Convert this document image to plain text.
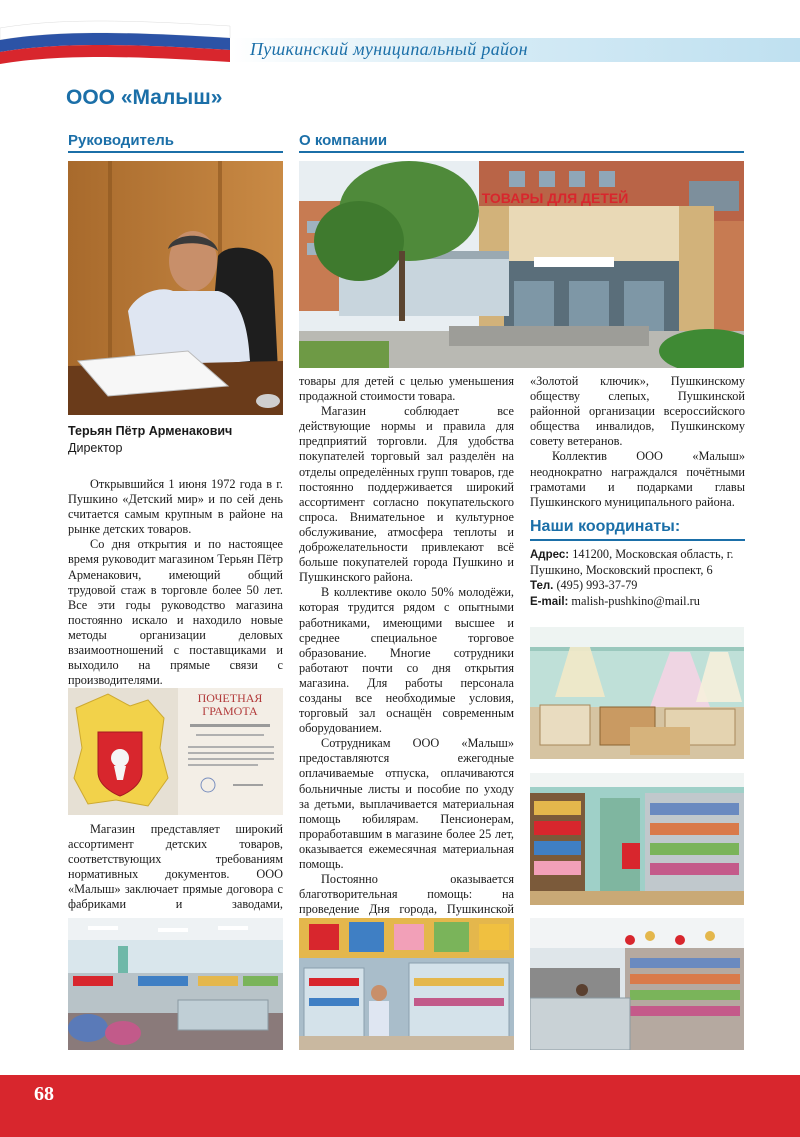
Пушкинский муниципальный район
ООО «Малыш»
Руководитель	О компании
Терьян Пётр Арменакович
Директор

Открывшийся 1 июня 1972 года в г. Пушкино «Детский мир» и по сей день считается самым крупным в районе на рынке детских товаров.

Со дня открытия и по настоящее время руководит магазином Терьян Пётр Арменакович, имеющий общий трудовой стаж в торговле более 50 лет. Все эти годы руководство магазина постоянно искало и находило новые методы организации деловых взаимоотношений с поставщиками и выходило на прямые связи с производителями.

ПОЧЕТНАЯ
ГРАМОТА

Магазин представляет широкий ассортимент детских товаров, соответствующих требованиям нормативных документов. ООО «Малыш» заключает прямые договора с фабриками и заводами,

ТОВАРЫ ДЛЯ ДЕТЕЙ

товары для детей с целью уменьшения продажной стоимости товара.

Магазин соблюдает все действующие нормы и правила для предприятий торговли. Для удобства покупателей торговый зал разделён на отделы определённых групп товаров, где постоянно поддерживается широкий ассортимент согласно покупательского спроса. Внимательное и культурное обслуживание, атмосфера теплоты и доброжелательности привлекают всё больше покупателей города Пушкино и Пушкинского района.

В коллективе около 50% молодёжи, которая трудится рядом с опытными работниками, имеющими высшее и среднее специальное торговое образование. Многие сотрудники работают почти со дня открытия магазина. Для работы персонала созданы все необходимые условия, торговый зал оснащён современным оборудованием.

Сотрудникам ООО «Малыш» предоставляются ежегодные оплачиваемые отпуска, оплачиваются больничные листы и пособие по уходу за детьми, выплачивается материальная помощь юбилярам. Пенсионерам, проработавшим в магазине более 25 лет, оказывается ежемесячная материальная помощь.

Постоянно оказывается благотворительная помощь: на проведение Дня города, Пушкинской

«Золотой ключик», Пушкинскому обществу слепых, Пушкинской районной организации всероссийского общества инвалидов, Пушкинскому совету ветеранов.

Коллектив ООО «Малыш» неоднократно награждался почётными грамотами и подарками главы Пушкинского муниципального района.

Наши координаты:
Адрес: 141200, Московская область, г. Пушкино, Московский проспект, 6
Тел. (495) 993-37-79
E-mail: malish-pushkino@mail.ru
68
